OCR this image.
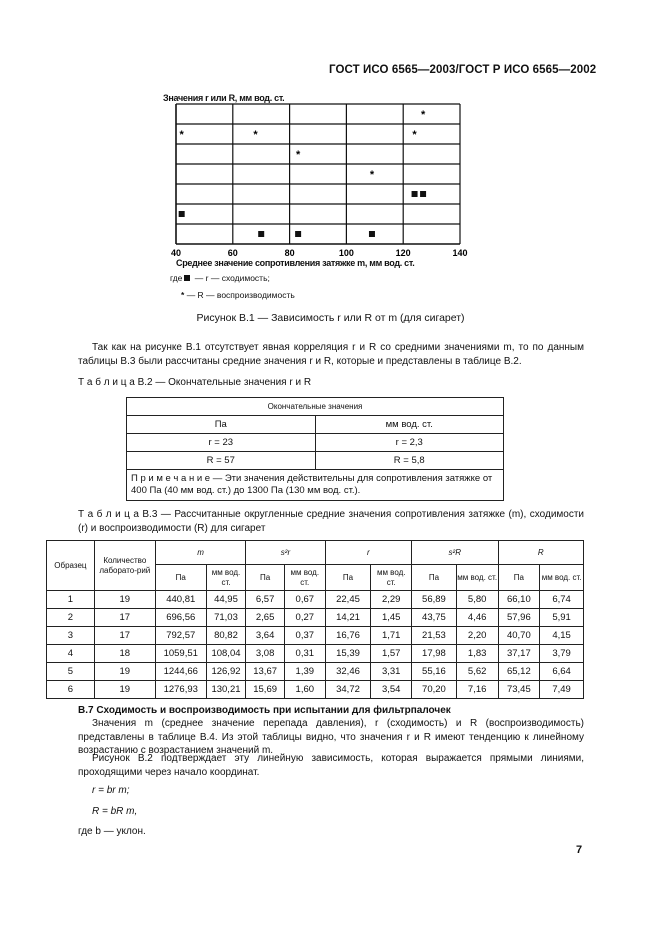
ГОСТ ИСО 6565—2003/ГОСТ Р ИСО 6565—2002
Значения r или R, мм вод. ст.
40	60	80	100	120	140
*	*
*
*
*
*
Среднее значение сопротивления затяжке m, мм вод. ст.
где — r — сходимость;
* — R — воспроизводимость
Рисунок В.1 — Зависимость r или R от m (для сигарет)
Так как на рисунке В.1 отсутствует явная корреляция r и R со средними значениями m, то по данным таблицы В.3 были рассчитаны средние значения r и R, которые и представлены в таблице В.2.
Т а б л и ц а В.2 — Окончательные значения r и R
Окончательные значения	
Па	мм вод. ст.
r = 23	r = 2,3
R = 57	R = 5,8
П р и м е ч а н и е — Эти значения действительны для сопротивления затяжке от 400 Па (40 мм вод. ст.) до 1300 Па (130 мм вод. ст.).	
Т а б л и ц а В.3 — Рассчитанные округленные средние значения сопротивления затяжке (m), сходимости (r) и воспроизводимости (R) для сигарет
Образец	Количество лаборато-рий	m		s²r		r		s²R		R	
		Па	мм вод. ст.	Па	мм вод. ст.	Па	мм вод. ст.	Па	мм вод. ст.	Па	мм вод. ст.
1	19	440,81	44,95	6,57	0,67	22,45	2,29	56,89	5,80	66,10	6,74
2	17	696,56	71,03	2,65	0,27	14,21	1,45	43,75	4,46	57,96	5,91
3	17	792,57	80,82	3,64	0,37	16,76	1,71	21,53	2,20	40,70	4,15
4	18	1059,51	108,04	3,08	0,31	15,39	1,57	17,98	1,83	37,17	3,79
5	19	1244,66	126,92	13,67	1,39	32,46	3,31	55,16	5,62	65,12	6,64
6	19	1276,93	130,21	15,69	1,60	34,72	3,54	70,20	7,16	73,45	7,49
В.7 Сходимость и воспроизводимость при испытании для фильтрпалочек
Значения m (среднее значение перепада давления), r (сходимость) и R (воспроизводимость) представлены в таблице В.4. Из этой таблицы видно, что значения r и R имеют тенденцию к линейному возрастанию с возрастанием значений m.
Рисунок В.2 подтверждает эту линейную зависимость, которая выражается прямыми линиями, проходящими через начало координат.
r = br m;
R = bR m,
где b — уклон.
7
